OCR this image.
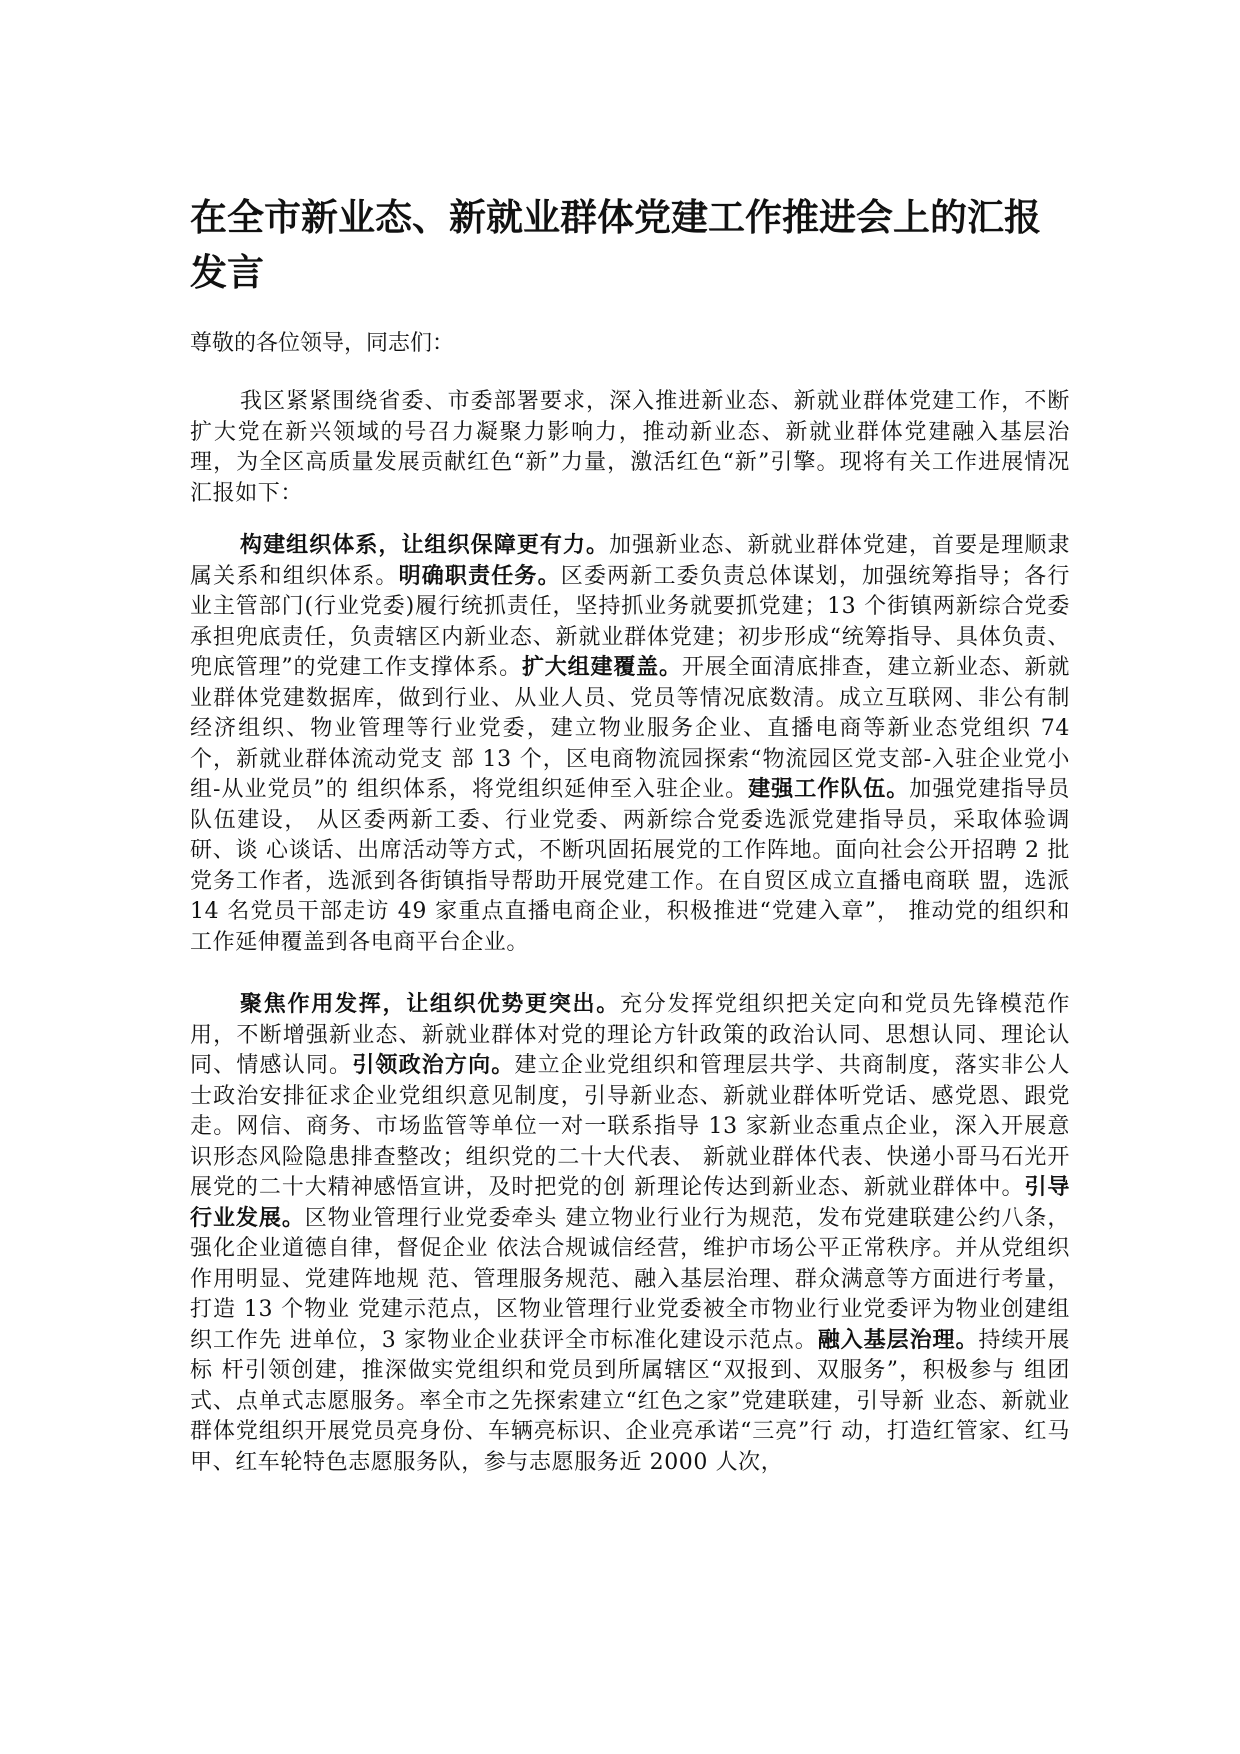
在全市新业态、新就业群体党建工作推进会上的汇报发言

尊敬的各位领导，同志们：

我区紧紧围绕省委、市委部署要求，深入推进新业态、新就业群体党建工作，不断扩大党在新兴领域的号召力凝聚力影响力，推动新业态、新就业群体党建融入基层治理，为全区高质量发展贡献红色“新”力量，激活红色“新”引擎。现将有关工作进展情况汇报如下：

构建组织体系，让组织保障更有力。加强新业态、新就业群体党建，首要是理顺隶属关系和组织体系。明确职责任务。区委两新工委负责总体谋划，加强统筹指导；各行业主管部门(行业党委)履行统抓责任，坚持抓业务就要抓党建；13 个街镇两新综合党委承担兜底责任，负责辖区内新业态、新就业群体党建；初步形成“统筹指导、具体负责、兜底管理”的党建工作支撑体系。扩大组建覆盖。开展全面清底排查，建立新业态、新就业群体党建数据库，做到行业、从业人员、党员等情况底数清。成立互联网、非公有制经济组织、物业管理等行业党委，建立物业服务企业、直播电商等新业态党组织 74 个，新就业群体流动党支 部 13 个，区电商物流园探索“物流园区党支部-入驻企业党小组-从业党员”的 组织体系，将党组织延伸至入驻企业。建强工作队伍。加强党建指导员队伍建设， 从区委两新工委、行业党委、两新综合党委选派党建指导员，采取体验调研、谈 心谈话、出席活动等方式，不断巩固拓展党的工作阵地。面向社会公开招聘 2 批党务工作者，选派到各街镇指导帮助开展党建工作。在自贸区成立直播电商联 盟，选派 14 名党员干部走访 49 家重点直播电商企业，积极推进“党建入章”， 推动党的组织和工作延伸覆盖到各电商平台企业。

聚焦作用发挥，让组织优势更突出。充分发挥党组织把关定向和党员先锋模范作用，不断增强新业态、新就业群体对党的理论方针政策的政治认同、思想认同、理论认同、情感认同。引领政治方向。建立企业党组织和管理层共学、共商制度，落实非公人士政治安排征求企业党组织意见制度，引导新业态、新就业群体听党话、感党恩、跟党走。网信、商务、市场监管等单位一对一联系指导 13 家新业态重点企业，深入开展意识形态风险隐患排查整改；组织党的二十大代表、 新就业群体代表、快递小哥马石光开展党的二十大精神感悟宣讲，及时把党的创 新理论传达到新业态、新就业群体中。引导行业发展。区物业管理行业党委牵头 建立物业行业行为规范，发布党建联建公约八条，强化企业道德自律，督促企业 依法合规诚信经营，维护市场公平正常秩序。并从党组织作用明显、党建阵地规 范、管理服务规范、融入基层治理、群众满意等方面进行考量，打造 13 个物业 党建示范点，区物业管理行业党委被全市物业行业党委评为物业创建组织工作先 进单位，3 家物业企业获评全市标准化建设示范点。融入基层治理。持续开展标 杆引领创建，推深做实党组织和党员到所属辖区“双报到、双服务”，积极参与 组团式、点单式志愿服务。率全市之先探索建立“红色之家”党建联建，引导新 业态、新就业群体党组织开展党员亮身份、车辆亮标识、企业亮承诺“三亮”行 动，打造红管家、红马甲、红车轮特色志愿服务队，参与志愿服务近 2000 人次，
